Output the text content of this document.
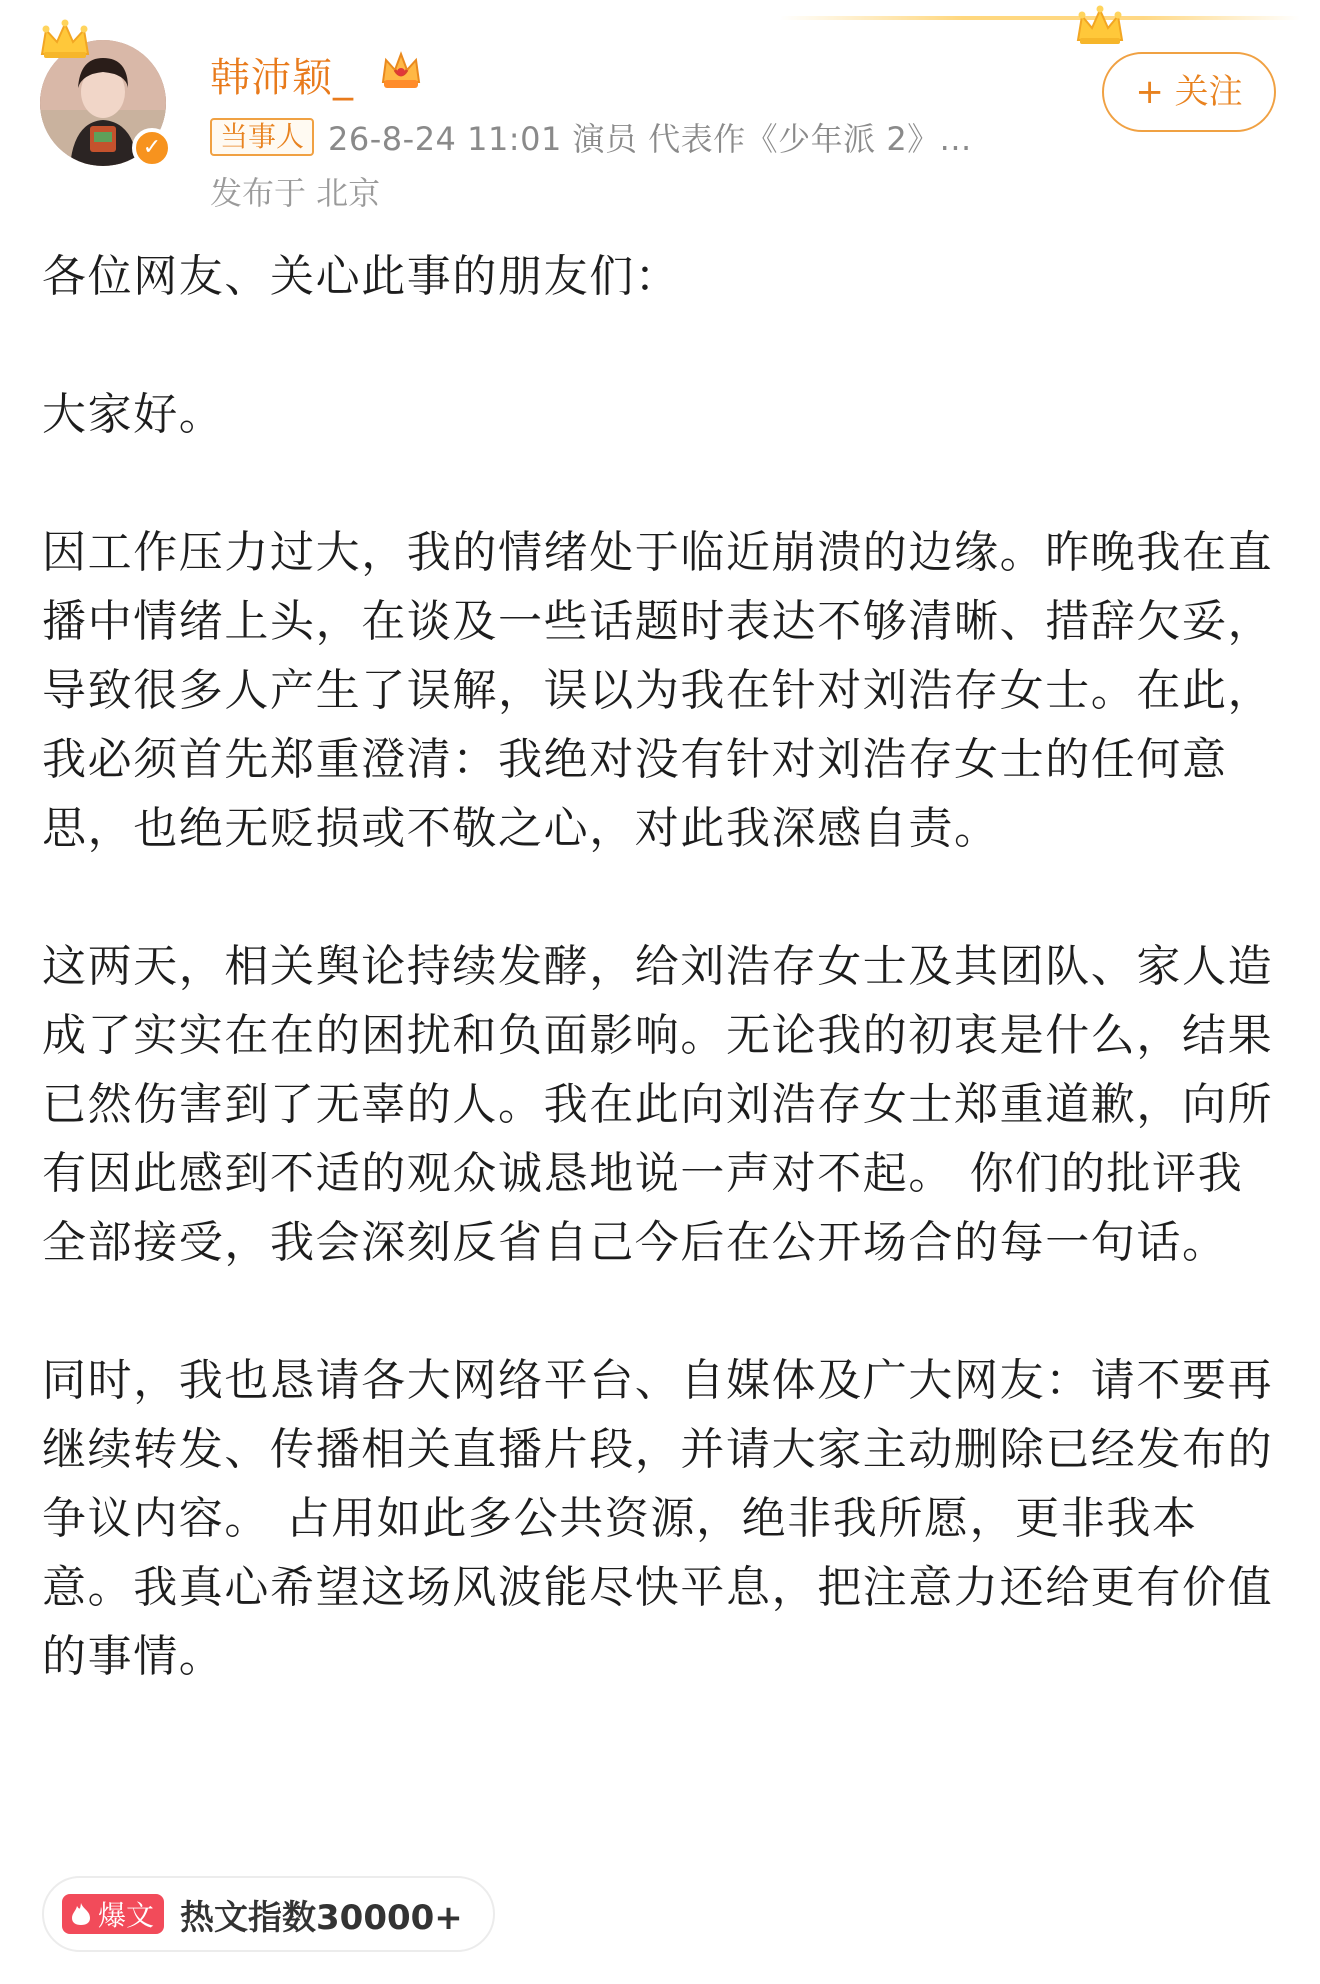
✓
韩沛颖_
当事人 26-8-24 11:01 演员 代表作《少年派 2》...
发布于 北京
+ 关注

各位网友、关心此事的朋友们：

大家好。

因工作压力过大，我的情绪处于临近崩溃的边缘。昨晚我在直播中情绪上头，在谈及一些话题时表达不够清晰、措辞欠妥，导致很多人产生了误解，误以为我在针对刘浩存女士。在此，我必须首先郑重澄清：我绝对没有针对刘浩存女士的任何意思，也绝无贬损或不敬之心，对此我深感自责。

这两天，相关舆论持续发酵，给刘浩存女士及其团队、家人造成了实实在在的困扰和负面影响。无论我的初衷是什么，结果已然伤害到了无辜的人。我在此向刘浩存女士郑重道歉，向所有因此感到不适的观众诚恳地说一声对不起。 你们的批评我全部接受，我会深刻反省自己今后在公开场合的每一句话。

同时，我也恳请各大网络平台、自媒体及广大网友：请不要再继续转发、传播相关直播片段，并请大家主动删除已经发布的争议内容。 占用如此多公共资源，绝非我所愿，更非我本意。我真心希望这场风波能尽快平息，把注意力还给更有价值的事情。

爆文 热文指数30000+
